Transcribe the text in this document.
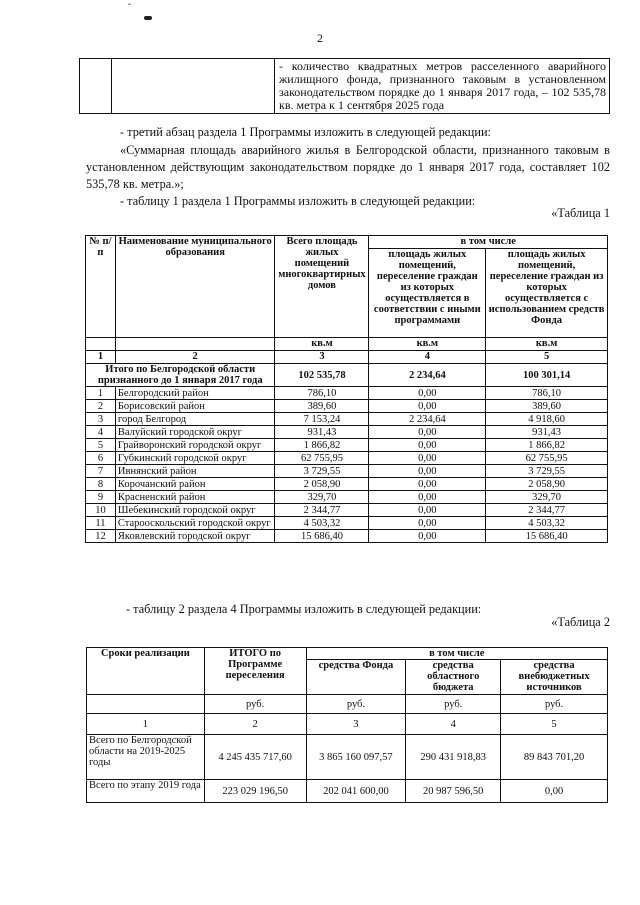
ˇ
2
		- количество квадратных метров расселенного аварийного жилищного фонда, признанного таковым в установленном законодательством порядке до 1 января 2017 года, – 102 535,78 кв. метра к 1 сентября 2025 года
- третий абзац раздела 1 Программы изложить в следующей редакции:
«Суммарная площадь аварийного жилья в Белгородской области, признанного таковым в установленном действующим законодательством порядке до 1 января 2017 года, составляет 102 535,78 кв. метра.»;
- таблицу 1 раздела 1 Программы изложить в следующей редакции:
«Таблица 1
№ п/п	Наименование муниципального образования	Всего площадь жилых помещений многоквартирных домов	в том числе	
			площадь жилых помещений, переселение граждан из которых осуществляется в соответствии с иными программами	площадь жилых помещений, переселение граждан из которых осуществляется с использованием средств Фонда
		кв.м	кв.м	кв.м
1	2	3	4	5
Итого по Белгородской области признанного до 1 января 2017 года		102 535,78	2 234,64	100 301,14
1	Белгородский район	786,10	0,00	786,10
2	Борисовский район	389,60	0,00	389,60
3	город Белгород	7 153,24	2 234,64	4 918,60
4	Валуйский городской округ	931,43	0,00	931,43
5	Грайворонский городской округ	1 866,82	0,00	1 866,82
6	Губкинский городской округ	62 755,95	0,00	62 755,95
7	Ивнянский район	3 729,55	0,00	3 729,55
8	Корочанский район	2 058,90	0,00	2 058,90
9	Красненский район	329,70	0,00	329,70
10	Шебекинский городской округ	2 344,77	0,00	2 344,77
11	Старооскольский городской округ	4 503,32	0,00	4 503,32
12	Яковлевский городской округ	15 686,40	0,00	15 686,40
- таблицу 2 раздела 4 Программы изложить в следующей редакции:
«Таблица 2
Сроки реализации	ИТОГО по Программе переселения	в том числе		
		средства Фонда	средства областного бюджета	средства внебюджетных источников
	руб.	руб.	руб.	руб.
1	2	3	4	5
Всего по Белгородской области на 2019-2025 годы	4 245 435 717,60	3 865 160 097,57	290 431 918,83	89 843 701,20
Всего по этапу 2019 года	223 029 196,50	202 041 600,00	20 987 596,50	0,00
